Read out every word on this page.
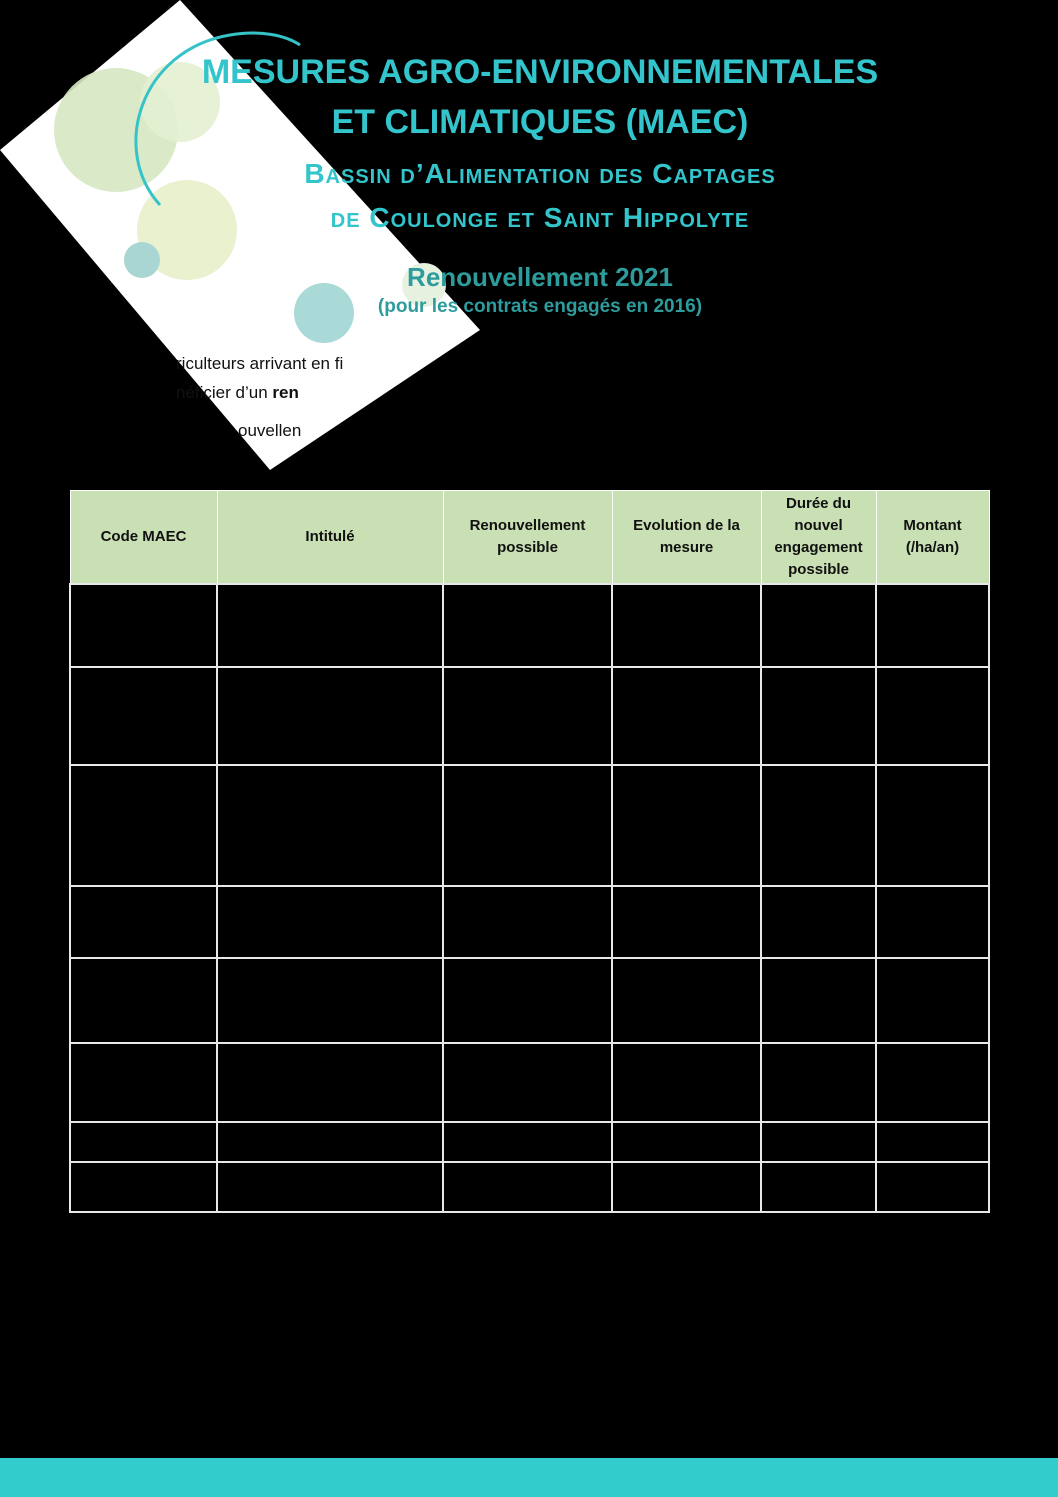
MESURES AGRO-ENVIRONNEMENTALES
ET CLIMATIQUES (MAEC)
Bassin d’Alimentation des Captages
de Coulonge et Saint Hippolyte

Renouvellement 2021

(pour les contrats engagés en 2016)

riculteurs arrivant en fi

néficier d’un ren

ouvellen

Code MAEC	Intitulé	Renouvellement possible	Evolution de la mesure	Durée du nouvel engagement possible	Montant (/ha/an)
